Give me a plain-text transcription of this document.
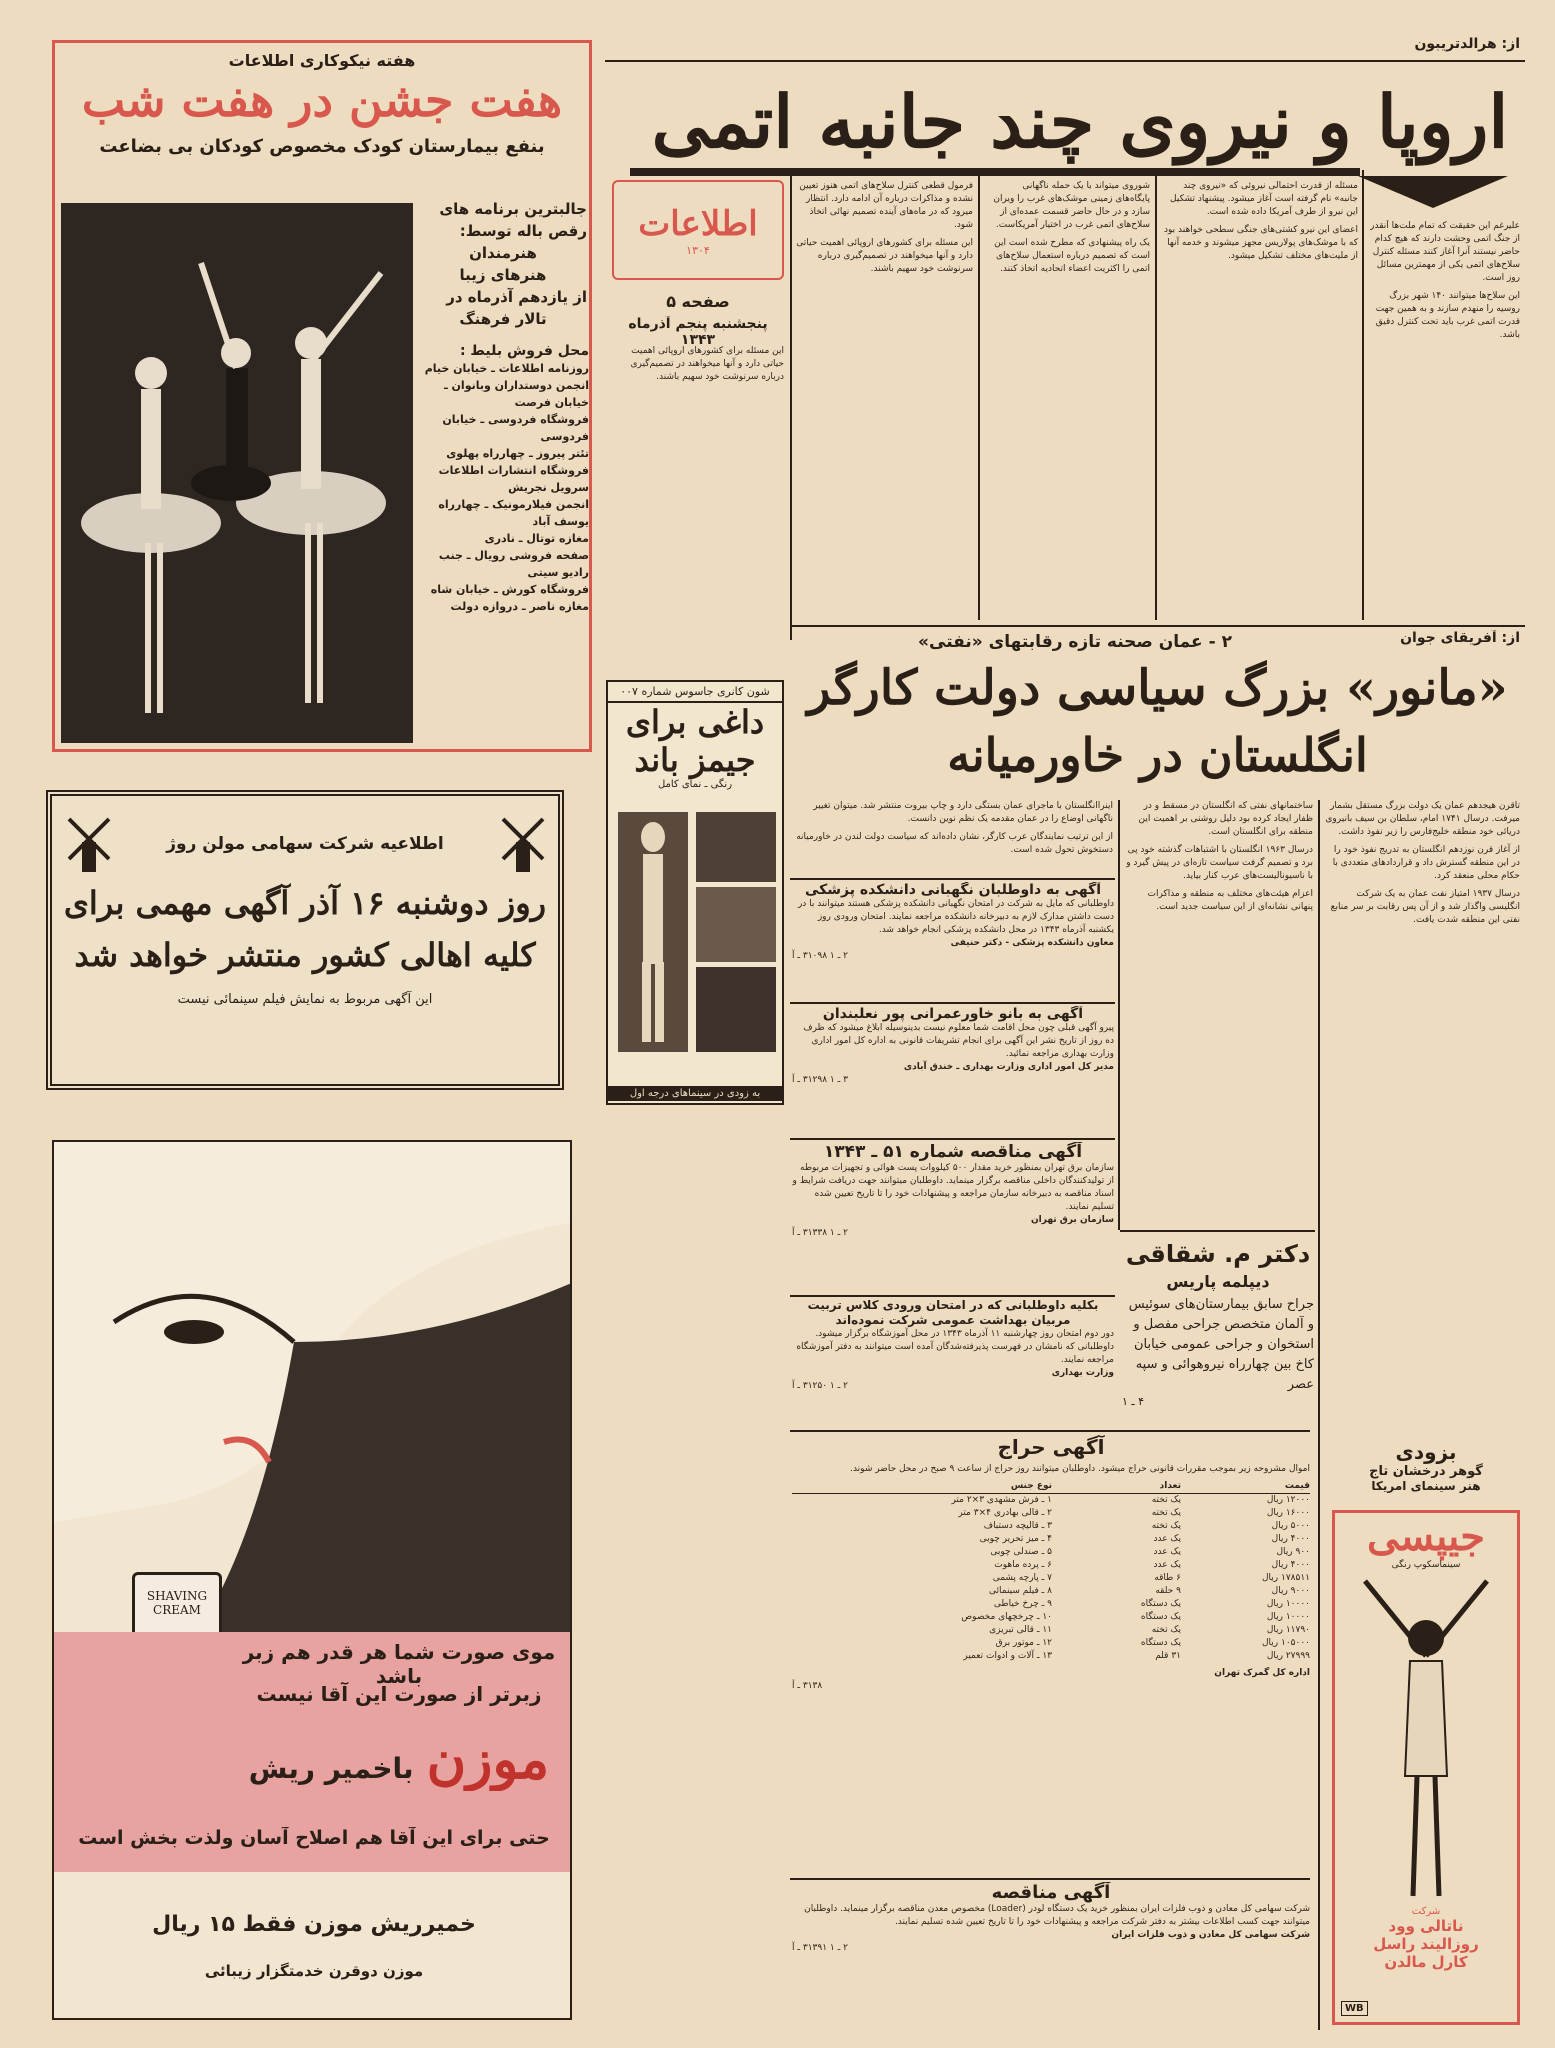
از: هرالدتریبون
اروپا و نیروی چند جانبه اتمی

علیرغم این حقیقت که تمام ملت‌ها آنقدر از جنگ اتمی وحشت دارند که هیچ کدام حاضر نیستند آنرا آغاز کنند مسئله کنترل سلاح‌های اتمی یکی از مهمترین مسائل روز است.

این سلاح‌ها میتوانند ۱۴۰ شهر بزرگ روسیه را منهدم سازند و به همین جهت قدرت اتمی غرب باید تحت کنترل دقیق باشد.

مسئله از قدرت احتمالی نیروئی که «نیروی چند جانبه» نام گرفته است آغاز میشود. پیشنهاد تشکیل این نیرو از طرف آمریکا داده شده است.

اعضای این نیرو کشتی‌های جنگی سطحی خواهند بود که با موشک‌های پولاریس مجهز میشوند و خدمه آنها از ملیت‌های مختلف تشکیل میشود.

شوروی میتواند با یک حمله ناگهانی پایگاه‌های زمینی موشک‌های غرب را ویران سازد و در حال حاضر قسمت عمده‌ای از سلاح‌های اتمی غرب در اختیار آمریکاست.

یک راه پیشنهادی که مطرح شده است این است که تصمیم درباره استعمال سلاح‌های اتمی را اکثریت اعضاء اتحادیه اتخاذ کنند.

فرمول قطعی کنترل سلاح‌های اتمی هنوز تعیین نشده و مذاکرات درباره آن ادامه دارد. انتظار میرود که در ماه‌های آینده تصمیم نهائی اتخاذ شود.

این مسئله برای کشورهای اروپائی اهمیت حیاتی دارد و آنها میخواهند در تصمیم‌گیری درباره سرنوشت خود سهیم باشند.

اطلاعات
۱۳۰۴
صفحه ۵
پنجشنبه پنجم آذرماه ۱۳۴۳

این مسئله برای کشورهای اروپائی اهمیت حیاتی دارد و آنها میخواهند در تصمیم‌گیری درباره سرنوشت خود سهیم باشند.

از: آفریقای جوان
۲ - عمان صحنه تازه رقابتهای «نفتی»
«مانور» بزرگ سیاسی دولت کارگر
انگلستان در خاورمیانه

تاقرن هیجدهم عمان یک دولت بزرگ مستقل بشمار میرفت. درسال ۱۷۴۱ امام، سلطان بن سیف بانیروی دریائی خود منطقه خلیج‌فارس را زیر نفوذ داشت.

از آغاز قرن نوزدهم انگلستان به تدریج نفوذ خود را در این منطقه گسترش داد و قراردادهای متعددی با حکام محلی منعقد کرد.

درسال ۱۹۳۷ امتیاز نفت عمان به یک شرکت انگلیسی واگذار شد و از آن پس رقابت بر سر منابع نفتی این منطقه شدت یافت.

ساختمانهای نفتی که انگلستان در مسقط و در ظفار ایجاد کرده بود دلیل روشنی بر اهمیت این منطقه برای انگلستان است.

درسال ۱۹۶۳ انگلستان با اشتباهات گذشته خود پی برد و تصمیم گرفت سیاست تازه‌ای در پیش گیرد و با ناسیونالیست‌های عرب کنار بیاید.

اعزام هیئت‌های مختلف به منطقه و مذاکرات پنهانی نشانه‌ای از این سیاست جدید است.

اینراانگلستان با ماجرای عمان بستگی دارد و چاپ بیروت منتشر شد. میتوان تغییر ناگهانی اوضاع را در عمان مقدمه یک نظم نوین دانست.

از این ترتیب نمایندگان عرب کارگر، نشان داده‌اند که سیاست دولت لندن در خاورمیانه دستخوش تحول شده است.

دکتر م. شقاقی
دیپلمه پاریس
جراح سابق بیمارستان‌های سوئیس و آلمان متخصص جراحی مفصل و استخوان و جراحی عمومی خیابان کاخ بین چهارراه نیرو‌هوائی و سپه عصر
۴ ـ ۱
آگهی به داوطلبان نگهبانی دانشکده پزشکی
داوطلبانی که مایل به شرکت در امتحان نگهبانی دانشکده پزشکی هستند میتوانند با در دست داشتن مدارک لازم به دبیرخانه دانشکده مراجعه نمایند. امتحان ورودی روز یکشنبه آذرماه ۱۳۴۳ در محل دانشکده پزشکی انجام خواهد شد.
معاون دانشکده پزشکی - دکتر حنیفی
۲ ـ ۱ ۳۱۰۹۸ ـ آ
آگهی به بانو خاورعمرانی پور نعلبندان
پیرو آگهی قبلی چون محل اقامت شما معلوم نیست بدینوسیله ابلاغ میشود که ظرف ده روز از تاریخ نشر این آگهی برای انجام تشریفات قانونی به اداره کل امور اداری وزارت بهداری مراجعه نمائید.
مدیر کل امور اداری وزارت بهداری ـ خندق آبادی
۳ ـ ۱ ۳۱۲۹۸ ـ آ
آگهی مناقصه شماره ۵۱ ـ ۱۳۴۳
سازمان برق تهران بمنظور خرید مقدار ۵۰۰ کیلووات پست هوائی و تجهیزات مربوطه از تولیدکنندگان داخلی مناقصه برگزار مینماید. داوطلبان میتوانند جهت دریافت شرایط و اسناد مناقصه به دبیرخانه سازمان مراجعه و پیشنهادات خود را تا تاریخ تعیین شده تسلیم نمایند.
سازمان برق تهران
۲ ـ ۱ ۳۱۳۳۸ ـ آ
بکلیه داوطلبانی که در امتحان ورودی کلاس تربیت مربیان بهداشت عمومی شرکت نموده‌اند
دور دوم امتحان روز چهارشنبه ۱۱ آذرماه ۱۳۴۳ در محل آموزشگاه برگزار میشود. داوطلبانی که نامشان در فهرست پذیرفته‌شدگان آمده است میتوانند به دفتر آموزشگاه مراجعه نمایند.
وزارت بهداری
۲ ـ ۱ ۳۱۲۵۰ ـ آ
شون کانری جاسوس شماره ۰۰۷
داغی برای
جیمز باند
رنگی ـ نمای کامل
به زودی در سینماهای درجه اول
هفته نیکوکاری اطلاعات
هفت جشن در هفت شب
بنفع بیمارستان کودک مخصوص کودکان بی بضاعت
جالبترین برنامه های
رقص باله توسط:
هنرمندان
هنرهای زیبا
از یازدهم آذرماه در
تالار فرهنگ
محل فروش بلیط :
روزنامه اطلاعات ـ خیابان خیام
انجمن دوستداران وبانوان ـ خیابان فرصت
فروشگاه فردوسی ـ خیابان فردوسی
تئتر پیروز ـ چهارراه پهلوی
فروشگاه انتشارات اطلاعات
سرویل نجریش
انجمن فیلارمونیک ـ چهارراه یوسف آباد
مغازه توتال ـ نادری
صفحه فروشی رویال ـ جنب رادیو سیتی
فروشگاه کورش ـ خیابان شاه
مغازه ناصر ـ دروازه دولت
اطلاعیه شرکت سهامی مولن روژ
روز دوشنبه ۱۶ آذر آگهی مهمی برای
کلیه اهالی کشور منتشر خواهد شد
این آگهی مربوط به نمایش فیلم سینمائی نیست
SHAVING
CREAM
موی صورت شما هر قدر هم زبر باشد
زبرتر از صورت این آقا نیست
موزن باخمیر ریش
حتی برای این آقا هم اصلاح آسان ولذت بخش است
خمیرریش موزن فقط ۱۵ ریال
موزن دوقرن خدمتگزار زیبائی
آگهی حراج
اموال مشروحه زیر بموجب مقررات قانونی حراج میشود. داوطلبان میتوانند روز حراج از ساعت ۹ صبح در محل حاضر شوند.
نوع جنس	تعداد	قیمت
۱ ـ فرش مشهدی ۳×۲ متر	یک تخته	۱۲۰۰۰ ریال
۲ ـ قالی بهادری ۴×۳ متر	یک تخته	۱۶۰۰۰ ریال
۳ ـ قالیچه دستباف	یک تخته	۵۰۰۰ ریال
۴ ـ میز تحریر چوبی	یک عدد	۴۰۰۰ ریال
۵ ـ صندلی چوبی	یک عدد	۹۰۰ ریال
۶ ـ پرده ماهوت	یک عدد	۴۰۰۰ ریال
۷ ـ پارچه پشمی	۶ طاقه	۱۷۸۵۱۱ ریال
۸ ـ فیلم سینمائی	۹ حلقه	۹۰۰۰ ریال
۹ ـ چرخ خیاطی	یک دستگاه	۱۰۰۰۰ ریال
۱۰ ـ چرخچهای مخصوص	یک دستگاه	۱۰۰۰۰ ریال
۱۱ ـ قالی تبریزی	یک تخته	۱۱۷۹۰ ریال
۱۲ ـ موتور برق	یک دستگاه	۱۰۵۰۰۰ ریال
۱۳ ـ آلات و ادوات تعمیر	۳۱ قلم	۲۷۹۹۹ ریال
اداره کل گمرک تهران
۳۱۳۸ ـ آ
آگهی مناقصه
شرکت سهامی کل معادن و ذوب فلزات ایران بمنظور خرید یک دستگاه لودر (Loader) مخصوص معدن مناقصه برگزار مینماید. داوطلبان میتوانند جهت کسب اطلاعات بیشتر به دفتر شرکت مراجعه و پیشنهادات خود را تا تاریخ تعیین شده تسلیم نمایند.
شرکت سهامی کل معادن و ذوب فلزات ایران
۲ ـ ۱ ۳۱۳۹۱ ـ آ
بزودی
گوهر درخشان تاج
هنر سینمای امریکا
جیپسی
سینماسکوپ رنگی
شرکت
ناتالی وود
روزالیند راسل
کارل مالدن
WB
